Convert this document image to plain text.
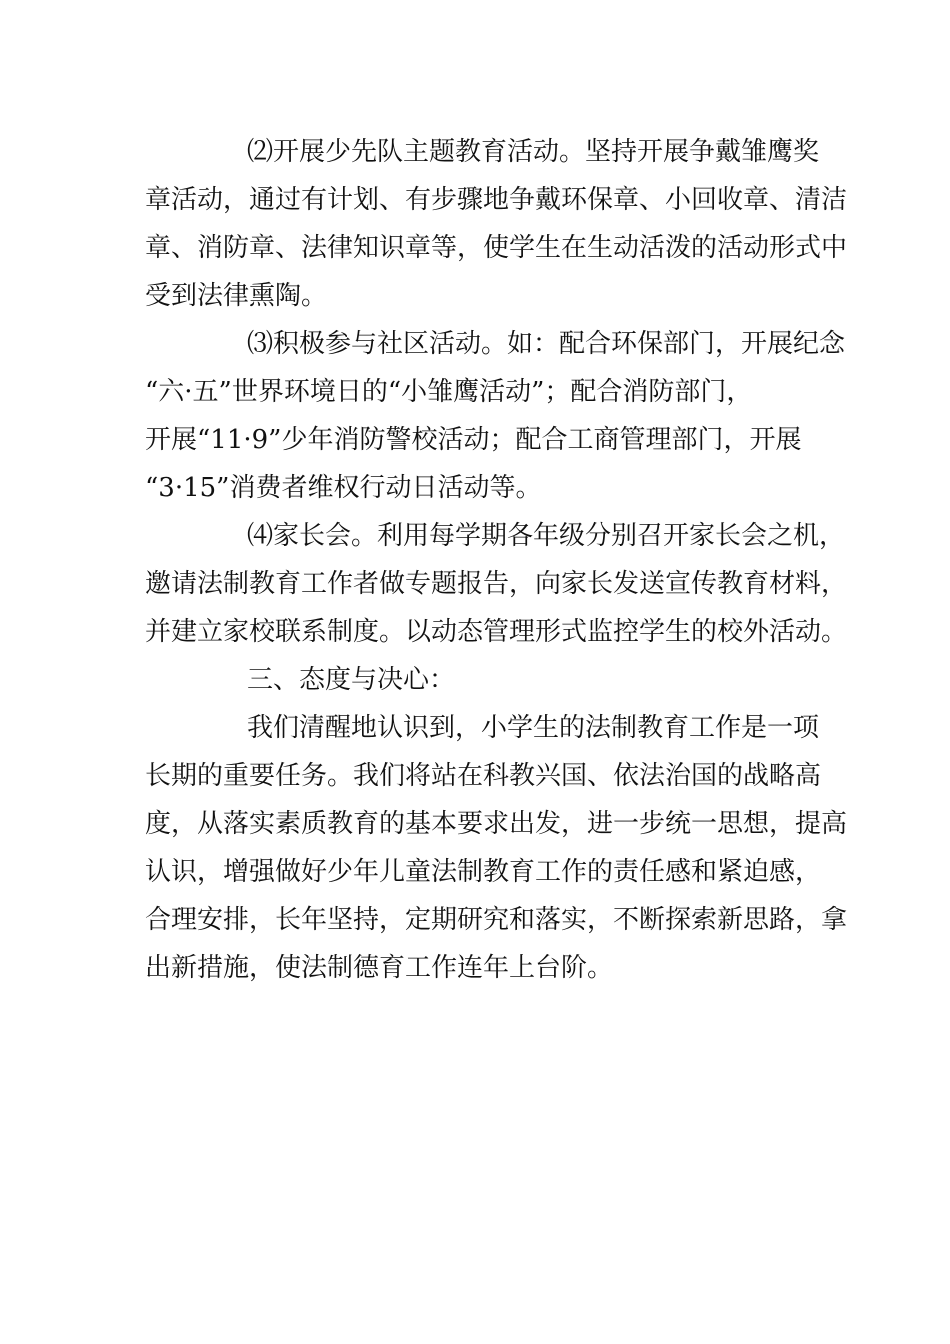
⑵开展少先队主题教育活动。坚持开展争戴雏鹰奖
章活动，通过有计划、有步骤地争戴环保章、小回收章、清洁
章、消防章、法律知识章等，使学生在生动活泼的活动形式中
受到法律熏陶。
⑶积极参与社区活动。如：配合环保部门，开展纪念
“六·五”世界环境日的“小雏鹰活动”；配合消防部门，
开展“11·9”少年消防警校活动；配合工商管理部门，开展
“3·15”消费者维权行动日活动等。
⑷家长会。利用每学期各年级分别召开家长会之机，
邀请法制教育工作者做专题报告，向家长发送宣传教育材料，
并建立家校联系制度。以动态管理形式监控学生的校外活动。
三、态度与决心：
我们清醒地认识到，小学生的法制教育工作是一项
长期的重要任务。我们将站在科教兴国、依法治国的战略高
度，从落实素质教育的基本要求出发，进一步统一思想，提高
认识，增强做好少年儿童法制教育工作的责任感和紧迫感，
合理安排，长年坚持，定期研究和落实，不断探索新思路，拿
出新措施，使法制德育工作连年上台阶。
